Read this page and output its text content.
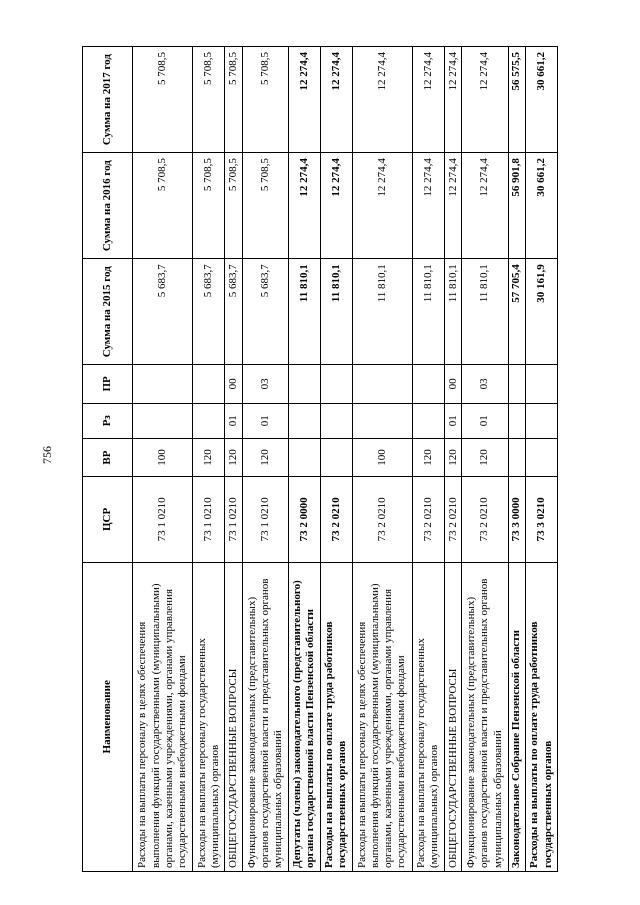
756
Наименование	ЦСР	ВР	Рз	ПР	Сумма на 2015 год	Сумма на 2016 год	Сумма на 2017 год
Расходы на выплаты персоналу в целях обеспечения выполнения функций государственными (муниципальными) органами, казенными учреждениями, органами управления государственными внебюджетными фондами	73 1 0210	100			5 683,7	5 708,5	5 708,5
Расходы на выплаты персоналу государственных (муниципальных) органов	73 1 0210	120			5 683,7	5 708,5	5 708,5
ОБЩЕГОСУДАРСТВЕННЫЕ ВОПРОСЫ	73 1 0210	120	01	00	5 683,7	5 708,5	5 708,5
Функционирование законодательных (представительных) органов государственной власти и представительных органов муниципальных образований	73 1 0210	120	01	03	5 683,7	5 708,5	5 708,5
Депутаты (члены) законодательного (представительного) органа государственной власти Пензенской области	73 2 0000				11 810,1	12 274,4	12 274,4
Расходы на выплаты по оплате труда работников государственных органов	73 2 0210				11 810,1	12 274,4	12 274,4
Расходы на выплаты персоналу в целях обеспечения выполнения функций государственными (муниципальными) органами, казенными учреждениями, органами управления государственными внебюджетными фондами	73 2 0210	100			11 810,1	12 274,4	12 274,4
Расходы на выплаты персоналу государственных (муниципальных) органов	73 2 0210	120			11 810,1	12 274,4	12 274,4
ОБЩЕГОСУДАРСТВЕННЫЕ ВОПРОСЫ	73 2 0210	120	01	00	11 810,1	12 274,4	12 274,4
Функционирование законодательных (представительных) органов государственной власти и представительных органов муниципальных образований	73 2 0210	120	01	03	11 810,1	12 274,4	12 274,4
Законодательное Собрание Пензенской области	73 3 0000				57 705,4	56 901,8	56 575,5
Расходы на выплаты по оплате труда работников государственных органов	73 3 0210				30 161,9	30 661,2	30 661,2
